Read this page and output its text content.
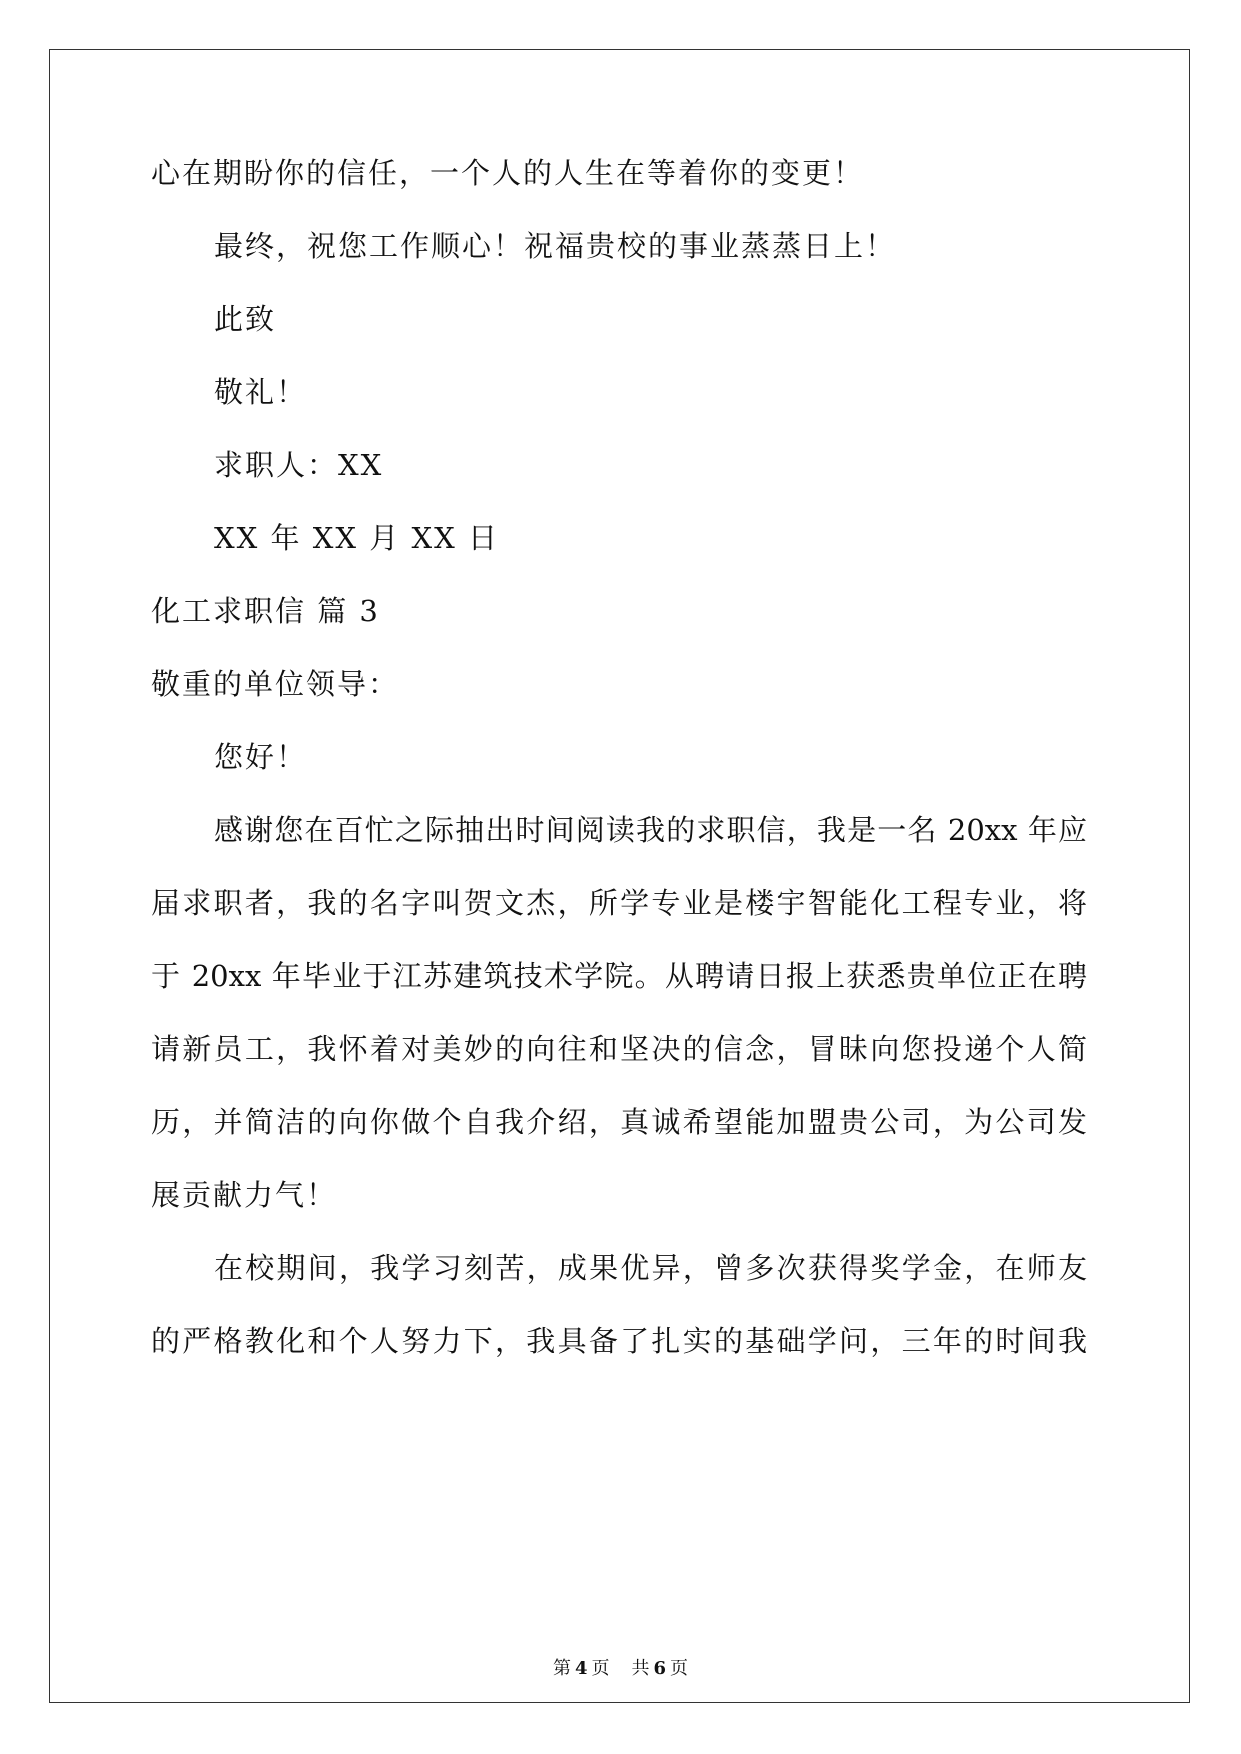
心在期盼你的信任，一个人的人生在等着你的变更！
最终，祝您工作顺心！祝福贵校的事业蒸蒸日上！
此致
敬礼！
求职人：XX
XX 年 XX 月 XX 日
化工求职信 篇 3
敬重的单位领导：
您好！
感谢您在百忙之际抽出时间阅读我的求职信，我是一名 20xx 年应
届求职者，我的名字叫贺文杰，所学专业是楼宇智能化工程专业，将
于 20xx 年毕业于江苏建筑技术学院。从聘请日报上获悉贵单位正在聘
请新员工，我怀着对美妙的向往和坚决的信念，冒昧向您投递个人简
历，并简洁的向你做个自我介绍，真诚希望能加盟贵公司，为公司发
展贡献力气！
在校期间，我学习刻苦，成果优异，曾多次获得奖学金，在师友
的严格教化和个人努力下，我具备了扎实的基础学问，三年的时间我
第 4 页 共 6 页
